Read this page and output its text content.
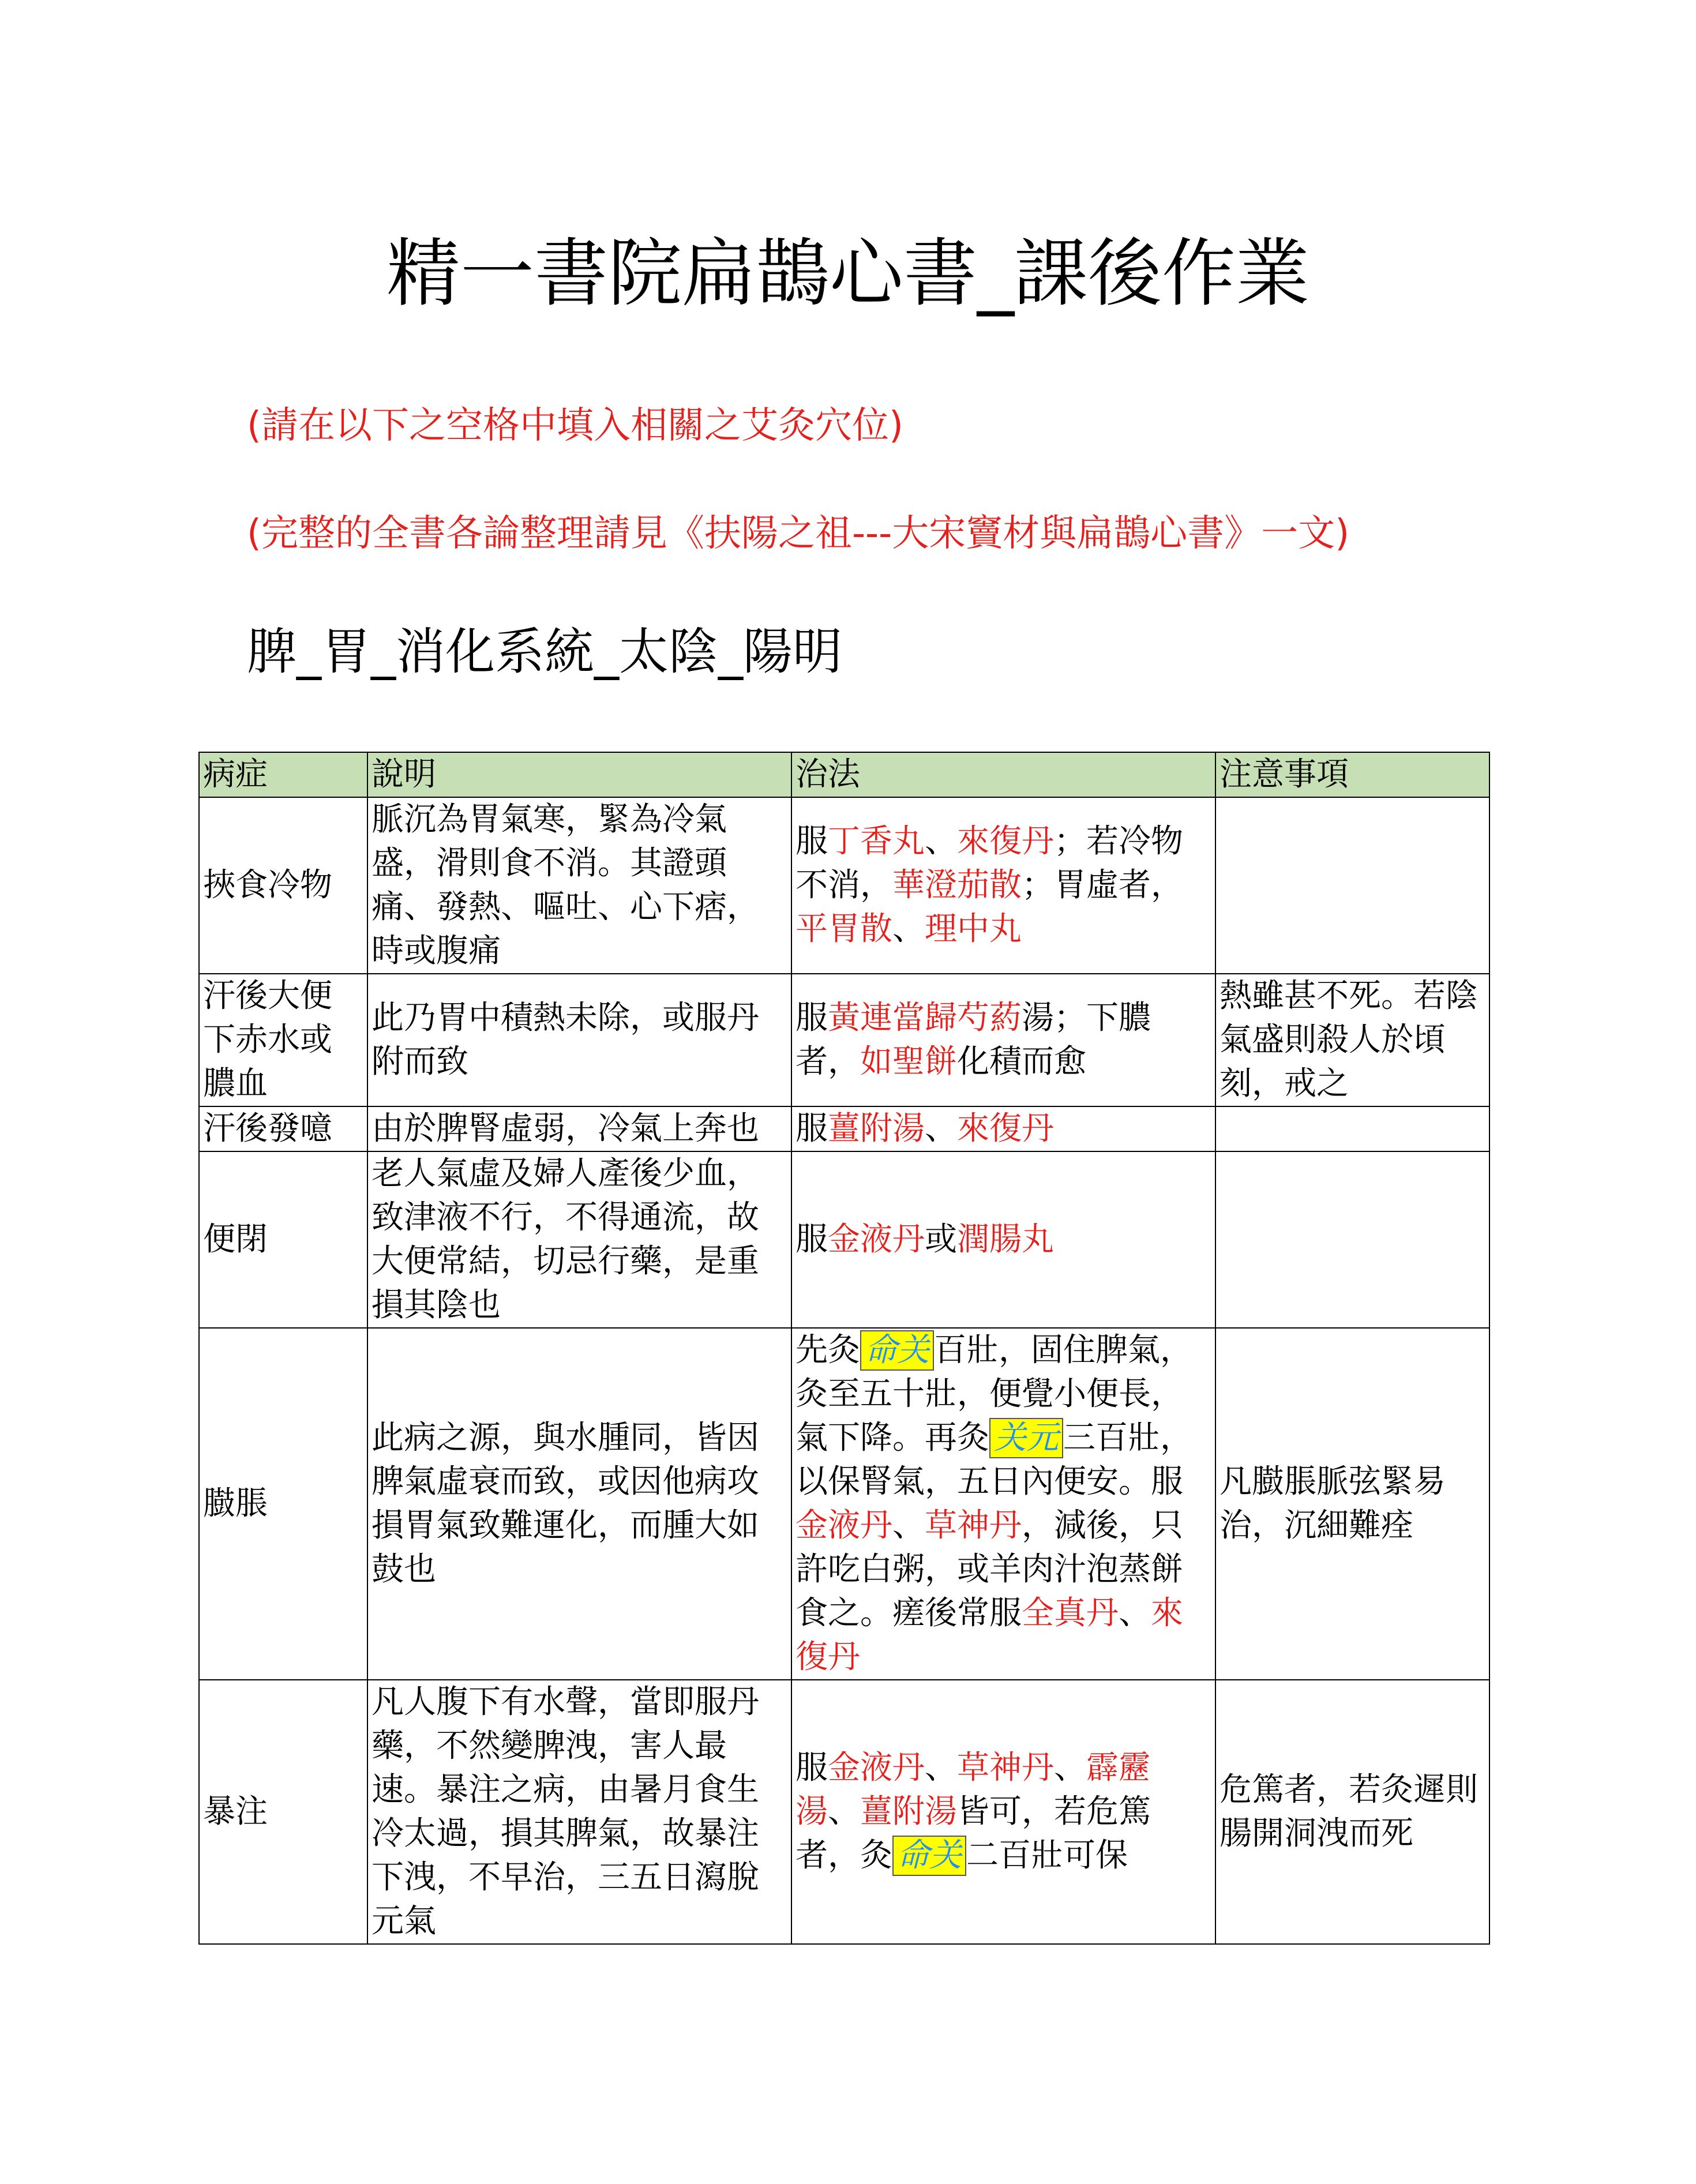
精一書院扁鵲心書_課後作業
(請在以下之空格中填入相關之艾灸穴位)
(完整的全書各論整理請見《扶陽之祖---大宋竇材與扁鵲心書》一文)
脾_胃_消化系統_太陰_陽明
病症	說明	治法	注意事項
挾食冷物	脈沉為胃氣寒，緊為冷氣盛，滑則食不消。其證頭痛、發熱、嘔吐、心下痞，時或腹痛	服丁香丸、來復丹；若冷物不消，華澄茄散；胃虛者，平胃散、理中丸	
汗後大便下赤水或膿血	此乃胃中積熱未除，或服丹附而致	服黃連當歸芍葯湯；下膿者，如聖餅化積而愈	熱雖甚不死。若陰氣盛則殺人於頃刻，戒之
汗後發噫	由於脾腎虛弱，冷氣上奔也	服薑附湯、來復丹	
便閉	老人氣虛及婦人產後少血，致津液不行，不得通流，故大便常結，切忌行藥，是重損其陰也	服金液丹或潤腸丸	
臌脹	此病之源，與水腫同，皆因脾氣虛衰而致，或因他病攻損胃氣致難運化，而腫大如鼓也	先灸 命关 百壯，固住脾氣，灸至五十壯，便覺小便長，氣下降。再灸 关元 三百壯，以保腎氣，五日內便安。服金液丹、草神丹，減後，只許吃白粥，或羊肉汁泡蒸餅食之。瘥後常服全真丹、來復丹	凡臌脹脈弦緊易治，沉細難痊
暴注	凡人腹下有水聲，當即服丹藥，不然變脾洩，害人最速。暴注之病，由暑月食生冷太過，損其脾氣，故暴注下洩，不早治，三五日瀉脫元氣	服金液丹、草神丹、霹靂湯、薑附湯皆可，若危篤者，灸 命关 二百壯可保	危篤者，若灸遲則腸開洞洩而死
